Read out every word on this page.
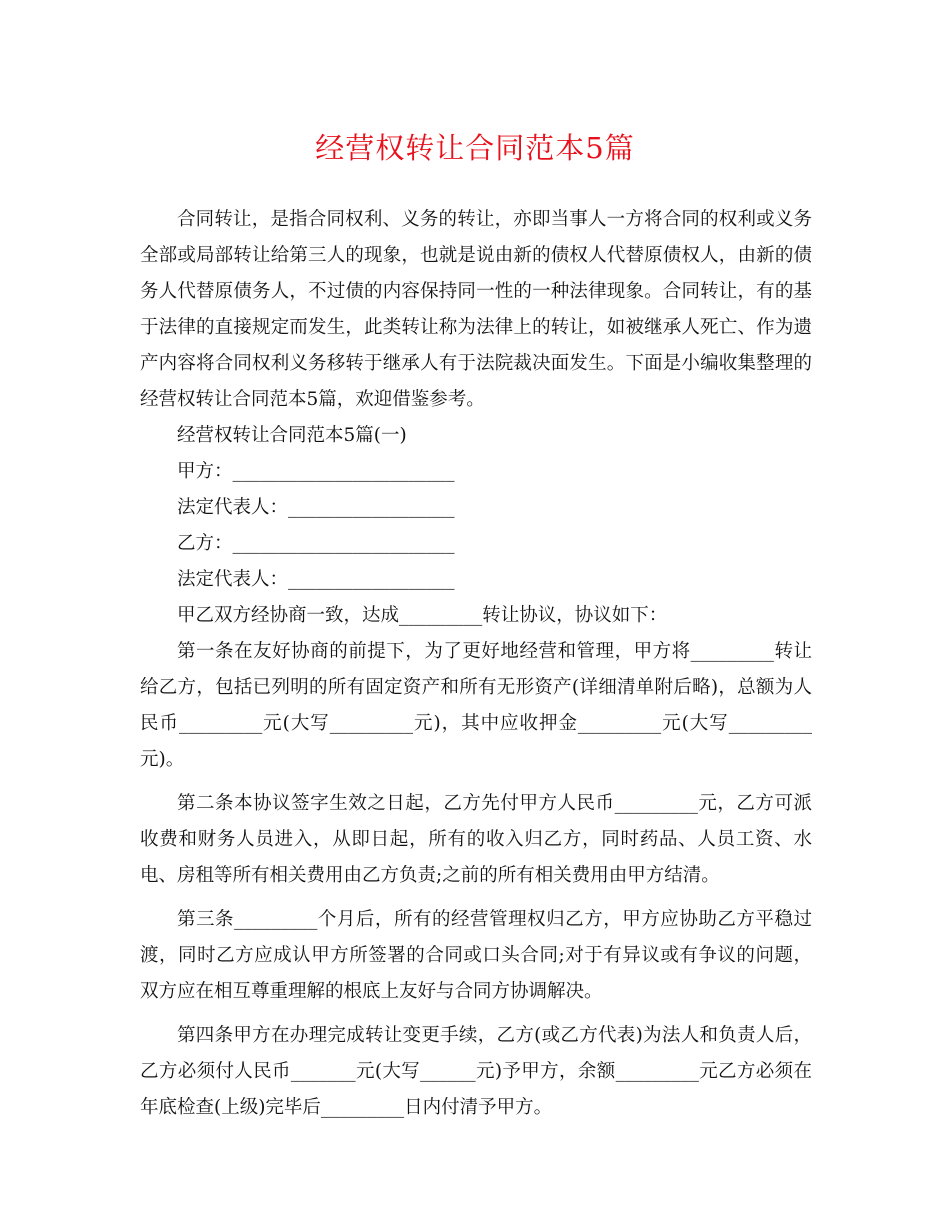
经营权转让合同范本5篇

合同转让，是指合同权利、义务的转让，亦即当事人一方将合同的权利或义务全部或局部转让给第三人的现象，也就是说由新的债权人代替原债权人，由新的债务人代替原债务人，不过债的内容保持同一性的一种法律现象。合同转让，有的基于法律的直接规定而发生，此类转让称为法律上的转让，如被继承人死亡、作为遗产内容将合同权利义务移转于继承人有于法院裁决面发生。下面是小编收集整理的经营权转让合同范本5篇，欢迎借鉴参考。

经营权转让合同范本5篇(一)

甲方：________________________

法定代表人：__________________

乙方：________________________

法定代表人：__________________

甲乙双方经协商一致，达成_________转让协议，协议如下：

第一条在友好协商的前提下，为了更好地经营和管理，甲方将_________转让给乙方，包括已列明的所有固定资产和所有无形资产(详细清单附后略)，总额为人民币_________元(大写_________元)，其中应收押金_________元(大写_________元)。

第二条本协议签字生效之日起，乙方先付甲方人民币_________元，乙方可派收费和财务人员进入，从即日起，所有的收入归乙方，同时药品、人员工资、水电、房租等所有相关费用由乙方负责;之前的所有相关费用由甲方结清。

第三条_________个月后，所有的经营管理权归乙方，甲方应协助乙方平稳过渡，同时乙方应成认甲方所签署的合同或口头合同;对于有异议或有争议的问题，双方应在相互尊重理解的根底上友好与合同方协调解决。

第四条甲方在办理完成转让变更手续，乙方(或乙方代表)为法人和负责人后，乙方必须付人民币_______元(大写______元)予甲方，余额_________元乙方必须在年底检查(上级)完毕后_________日内付清予甲方。
